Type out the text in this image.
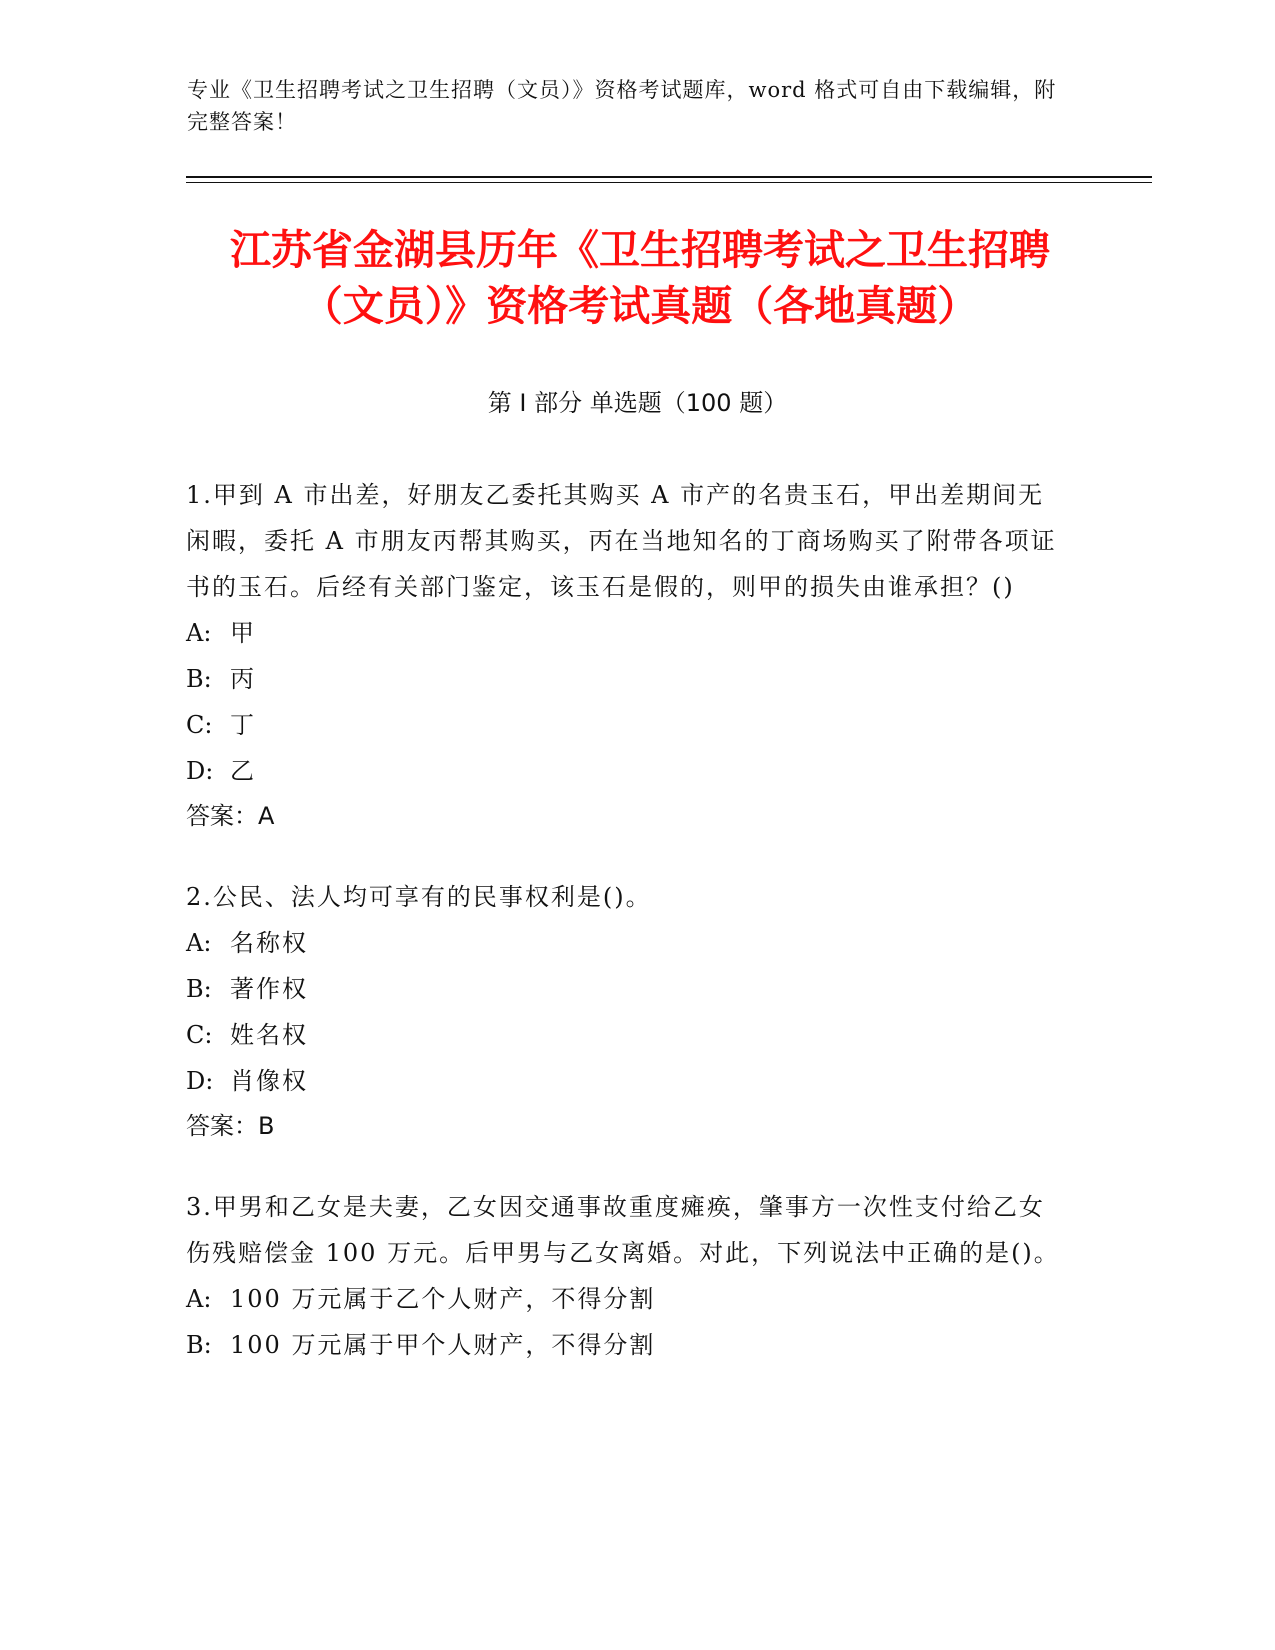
专业《卫生招聘考试之卫生招聘（文员）》资格考试题库，word 格式可自由下载编辑，附完整答案！
江苏省金湖县历年《卫生招聘考试之卫生招聘（文员）》资格考试真题（各地真题）
第 I 部分 单选题（100 题）
1.甲到 A 市出差，好朋友乙委托其购买 A 市产的名贵玉石，甲出差期间无闲暇，委托 A 市朋友丙帮其购买，丙在当地知名的丁商场购买了附带各项证书的玉石。后经有关部门鉴定，该玉石是假的，则甲的损失由谁承担？()
A: 甲
B: 丙
C: 丁
D: 乙
答案：A
2.公民、法人均可享有的民事权利是()。
A: 名称权
B: 著作权
C: 姓名权
D: 肖像权
答案：B
3.甲男和乙女是夫妻，乙女因交通事故重度瘫痪，肇事方一次性支付给乙女伤残赔偿金 100 万元。后甲男与乙女离婚。对此，下列说法中正确的是()。
A: 100 万元属于乙个人财产，不得分割
B: 100 万元属于甲个人财产，不得分割
